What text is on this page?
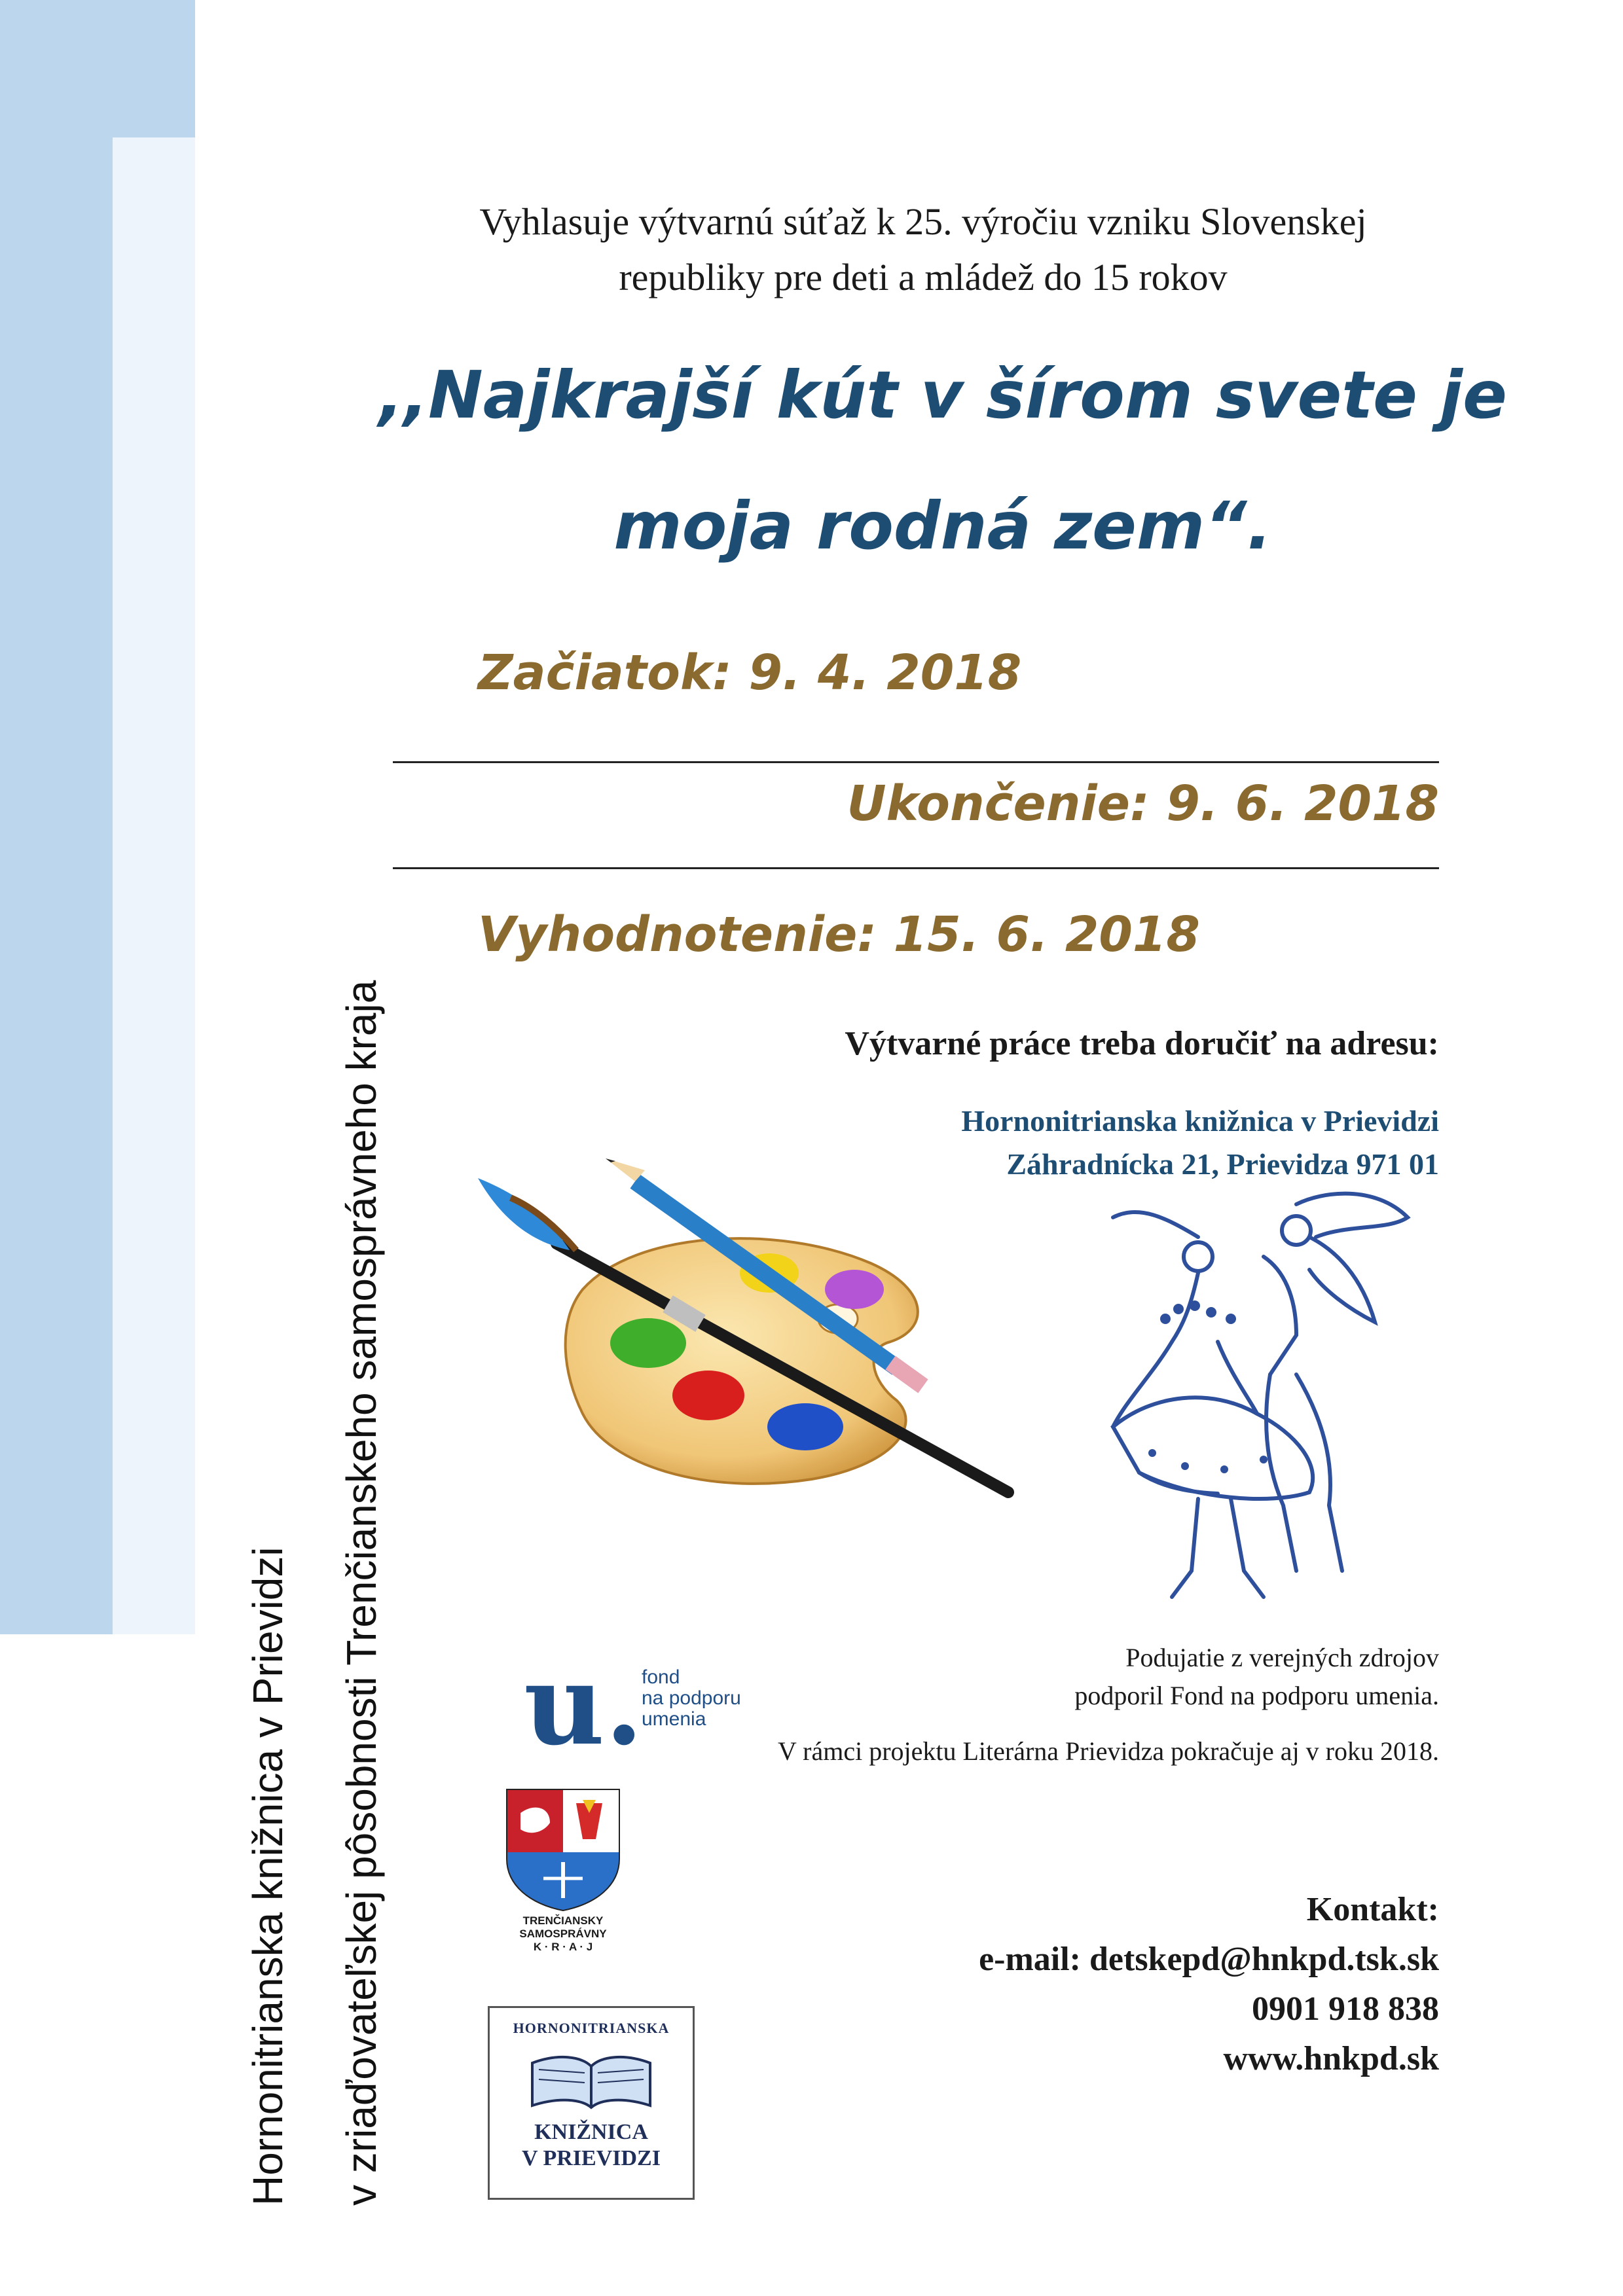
Hornonitrianska knižnica v Prievidzi v zriaďovateľskej pôsobnosti Trenčianskeho samosprávneho kraja
Vyhlasuje výtvarnú súťaž k 25. výročiu vzniku Slovenskej
republiky pre deti a mládež do 15 rokov
,,Najkrajší kút v šírom svete je
moja rodná zem“.
Začiatok: 9. 4. 2018
Ukončenie: 9. 6. 2018
Vyhodnotenie: 15. 6. 2018
Výtvarné práce treba doručiť na adresu:
Hornonitrianska knižnica v Prievidzi
Záhradnícka 21, Prievidza 971 01
Podujatie z verejných zdrojov
podporil Fond na podporu umenia.
V rámci projektu Literárna Prievidza pokračuje aj v roku 2018.
u.
fond
na podporu
umenia
TRENČIANSKY
SAMOSPRÁVNY
K · R · A · J
HORNONITRIANSKA
KNIŽNICA
V PRIEVIDZI
Kontakt:
e-mail: detskepd@hnkpd.tsk.sk
0901 918 838
www.hnkpd.sk
